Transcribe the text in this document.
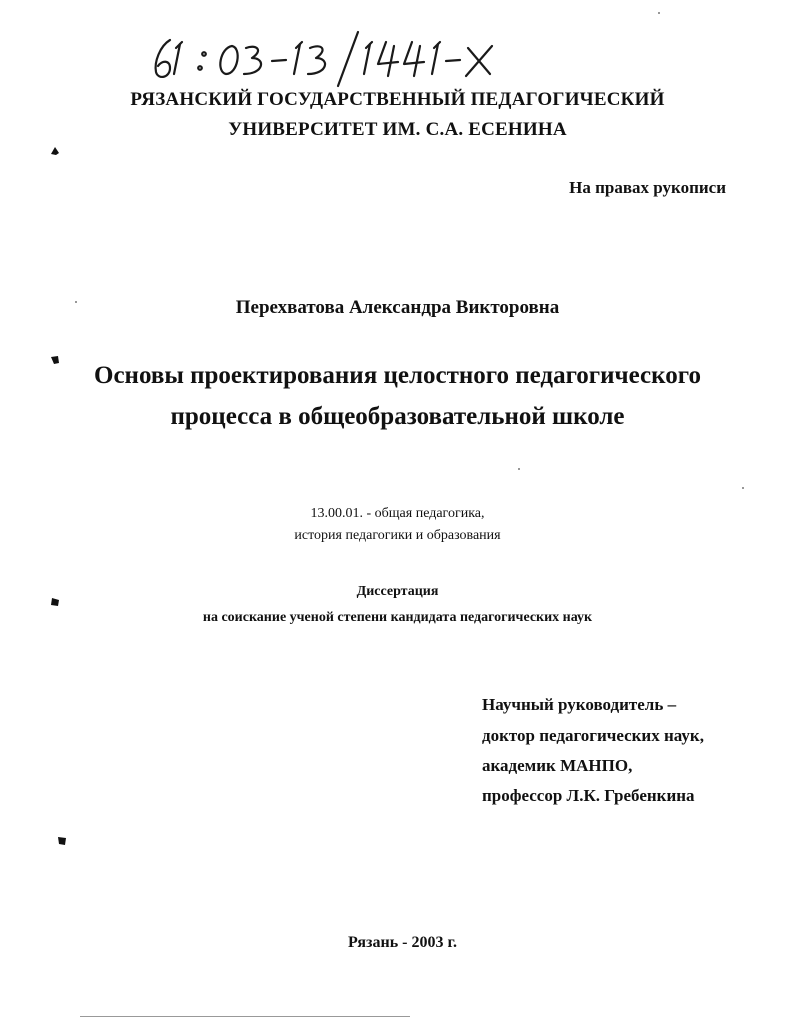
РЯЗАНСКИЙ ГОСУДАРСТВЕННЫЙ ПЕДАГОГИЧЕСКИЙ
УНИВЕРСИТЕТ ИМ. С.А. ЕСЕНИНА
На правах рукописи
Перехватова Александра Викторовна
Основы проектирования целостного педагогического
процесса в общеобразовательной школе
13.00.01. - общая педагогика,
история педагогики и образования
Диссертация
на соискание ученой степени кандидата педагогических наук
Научный руководитель –
доктор педагогических наук,
академик МАНПО,
профессор Л.К. Гребенкина
Рязань - 2003 г.
